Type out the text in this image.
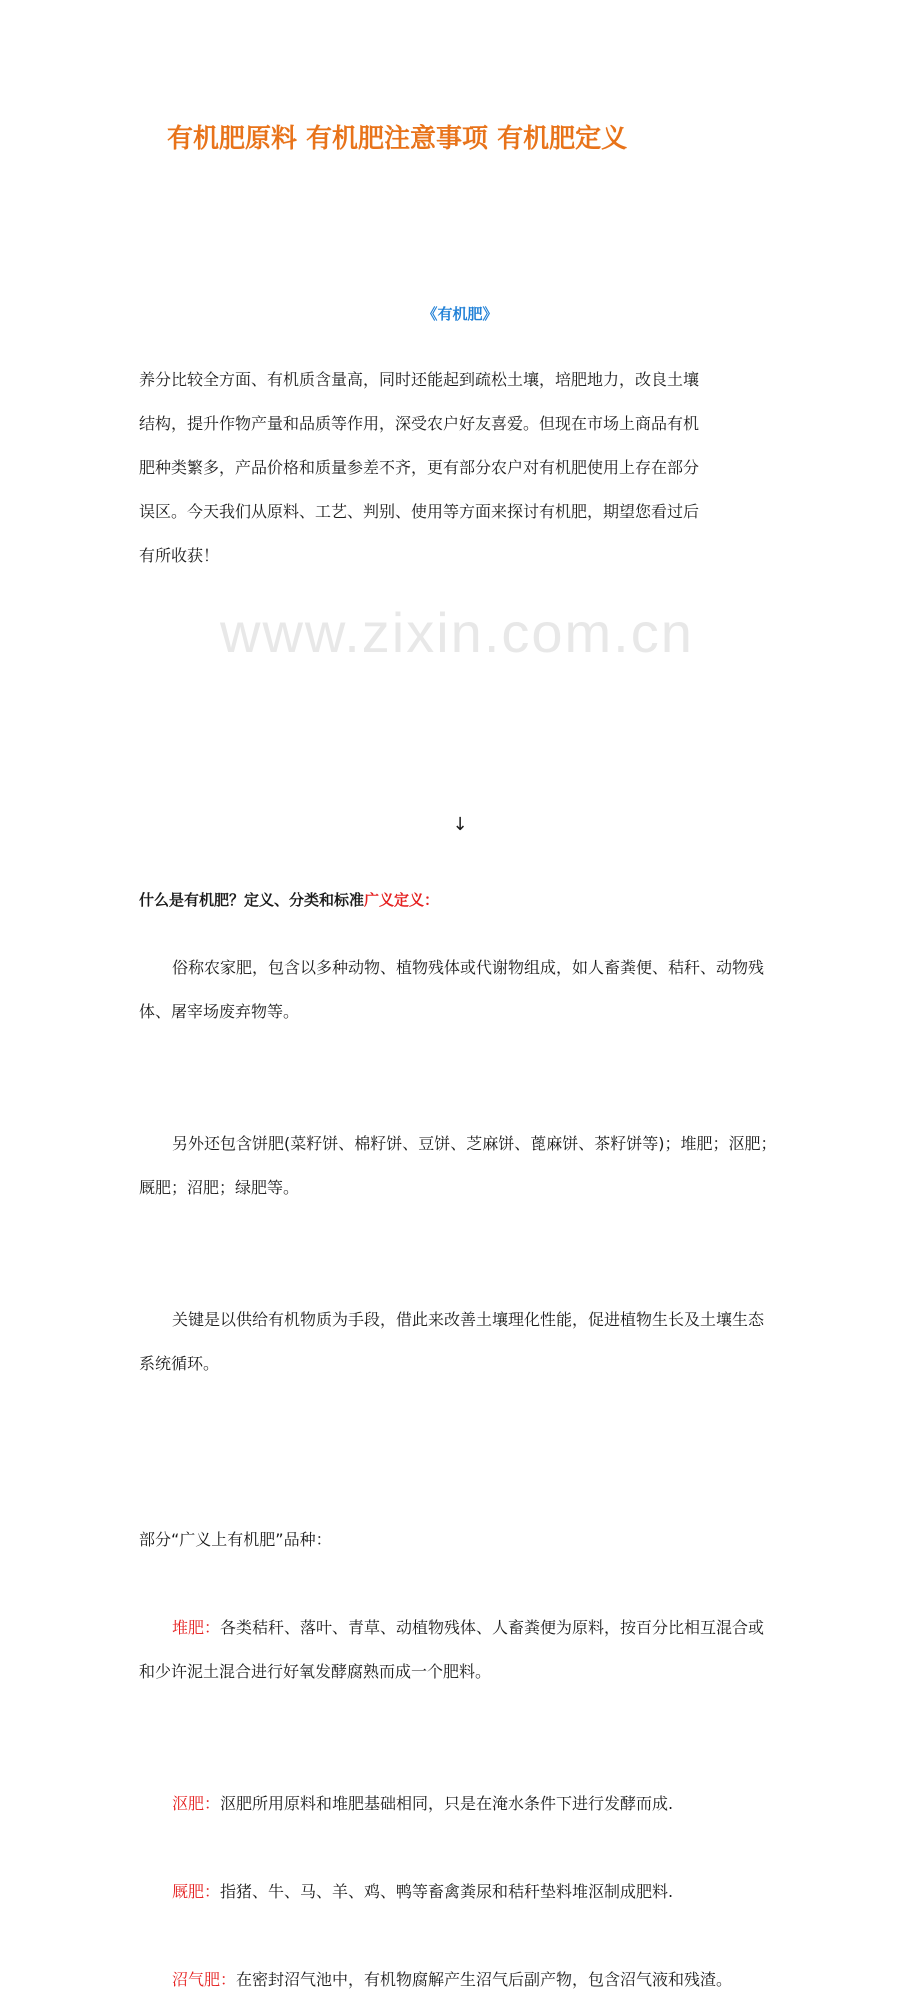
www.zixin.com.cn
有机肥原料 有机肥注意事项 有机肥定义
《有机肥》
养分比较全方面、有机质含量高，同时还能起到疏松土壤，培肥地力，改良土壤
结构，提升作物产量和品质等作用，深受农户好友喜爱。但现在市场上商品有机
肥种类繁多，产品价格和质量参差不齐，更有部分农户对有机肥使用上存在部分
误区。今天我们从原料、工艺、判别、使用等方面来探讨有机肥，期望您看过后
有所收获！
↓
什么是有机肥？定义、分类和标准广义定义：
俗称农家肥，包含以多种动物、植物残体或代谢物组成，如人畜粪便、秸秆、动物残
体、屠宰场废弃物等。
另外还包含饼肥(菜籽饼、棉籽饼、豆饼、芝麻饼、蓖麻饼、茶籽饼等)；堆肥；沤肥；
厩肥；沼肥；绿肥等。
关键是以供给有机物质为手段，借此来改善土壤理化性能，促进植物生长及土壤生态
系统循环。
部分“广义上有机肥”品种：
堆肥：各类秸秆、落叶、青草、动植物残体、人畜粪便为原料，按百分比相互混合或
和少许泥土混合进行好氧发酵腐熟而成一个肥料。
沤肥：沤肥所用原料和堆肥基础相同，只是在淹水条件下进行发酵而成.
厩肥：指猪、牛、马、羊、鸡、鸭等畜禽粪尿和秸秆垫料堆沤制成肥料.
沼气肥：在密封沼气池中，有机物腐解产生沼气后副产物，包含沼气液和残渣。
